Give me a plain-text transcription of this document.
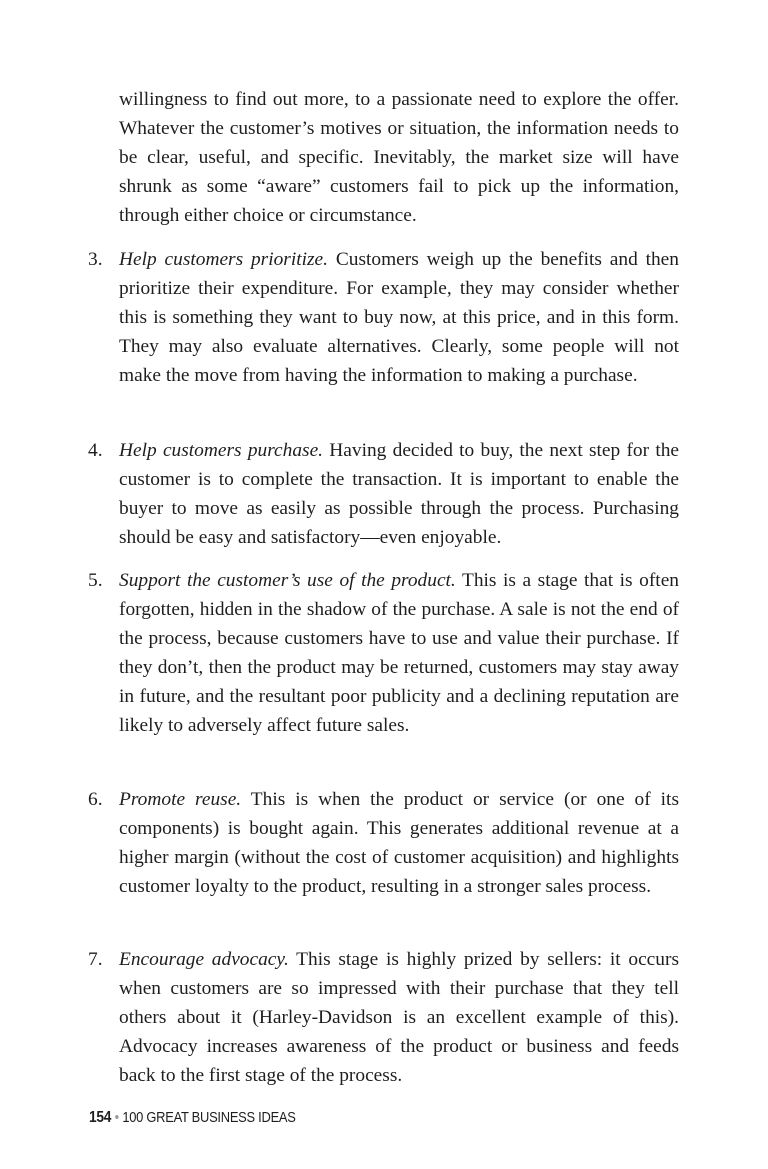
willingness to find out more, to a passionate need to explore the offer. Whatever the customer’s motives or situation, the information needs to be clear, useful, and specific. Inevitably, the market size will have shrunk as some “aware” customers fail to pick up the information, through either choice or circumstance.

3. Help customers prioritize. Customers weigh up the benefits and then prioritize their expenditure. For example, they may consider whether this is something they want to buy now, at this price, and in this form. They may also evaluate alternatives. Clearly, some people will not make the move from having the information to making a purchase.
4. Help customers purchase. Having decided to buy, the next step for the customer is to complete the transaction. It is important to enable the buyer to move as easily as possible through the process. Purchasing should be easy and satisfactory—even enjoyable.
5. Support the customer’s use of the product. This is a stage that is often forgotten, hidden in the shadow of the purchase. A sale is not the end of the process, because customers have to use and value their purchase. If they don’t, then the product may be returned, customers may stay away in future, and the resultant poor publicity and a declining reputation are likely to adversely affect future sales.
6. Promote reuse. This is when the product or service (or one of its components) is bought again. This generates additional revenue at a higher margin (without the cost of customer acquisition) and highlights customer loyalty to the product, resulting in a stronger sales process.
7. Encourage advocacy. This stage is highly prized by sellers: it occurs when customers are so impressed with their purchase that they tell others about it (Harley-Davidson is an excellent example of this). Advocacy increases awareness of the product or business and feeds back to the first stage of the process.
154 • 100 GREAT BUSINESS IDEAS
